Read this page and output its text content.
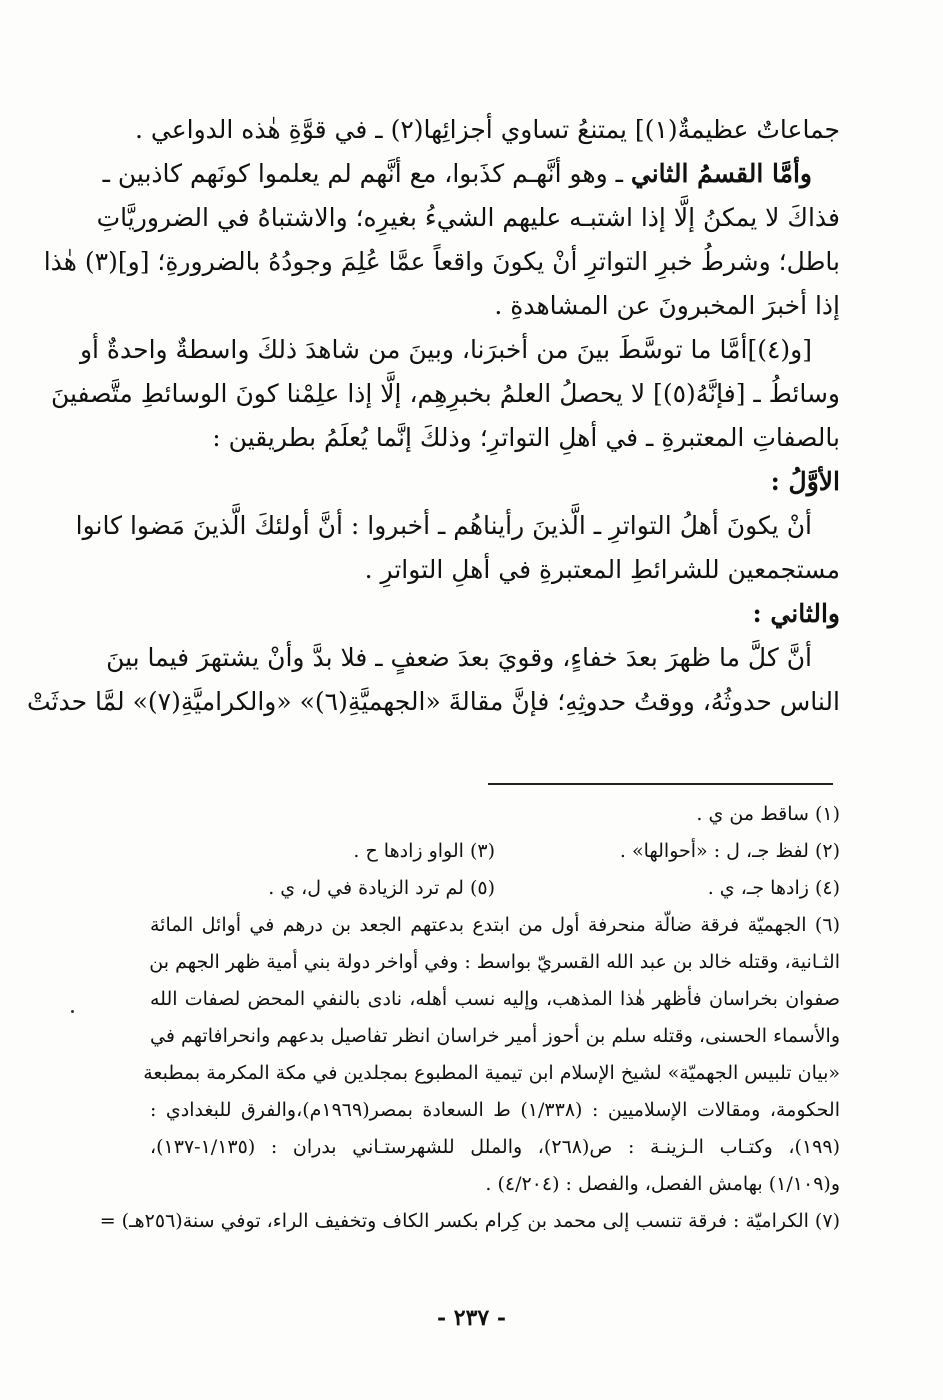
جماعاتٌ عظيمةٌ(١)] يمتنعُ تساوي أجزائِها(٢) ـ في قوَّةِ هٰذه الدواعي .
وأمَّا القسمُ الثاني ـ وهو أنَّهـم كذَبوا، مع أنَّهم لم يعلموا كونَهم كاذبين ـ
فذاكَ لا يمكنُ إلَّا إذا اشتبـه عليهم الشيءُ بغيرِه؛ والاشتباهُ في الضروريَّاتِ
باطل؛ وشرطُ خبرِ التواترِ أنْ يكونَ واقعاً عمَّا عُلِمَ وجودُهُ بالضرورةِ؛ [و](٣) هٰذا
إذا أخبرَ المخبرونَ عن المشاهدةِ .
[و(٤)]أمَّا ما توسَّطَ بينَ من أخبرَنا، وبينَ من شاهدَ ذلكَ واسطةٌ واحدةٌ أو
وسائطُ ـ [فإنَّهُ(٥)] لا يحصلُ العلمُ بخبرِهِم، إلَّا إذا علِمْنا كونَ الوسائطِ متَّصفينَ
بالصفاتِ المعتبرةِ ـ في أهلِ التواترِ؛ وذلكَ إنَّما يُعلَمُ بطريقين :
الأوَّلُ :
أنْ يكونَ أهلُ التواترِ ـ الَّذينَ رأيناهُم ـ أخبروا : أنَّ أولئكَ الَّذينَ مَضوا كانوا
مستجمعين للشرائطِ المعتبرةِ في أهلِ التواترِ .
والثاني :
أنَّ كلَّ ما ظهرَ بعدَ خفاءٍ، وقويَ بعدَ ضعفٍ ـ فلا بدَّ وأنْ يشتهرَ فيما بينَ
الناس حدوثُهُ، ووقتُ حدوثِهِ؛ فإنَّ مقالةَ «الجهميَّةِ(٦)» «والكراميَّةِ(٧)» لمَّا حدثَتْ
(١) ساقط من ي .
(٢) لفظ جـ، ل : «أحوالها» .
(٣) الواو زادها ح .
(٤) زادها جـ، ي .
(٥) لم ترد الزيادة في ل، ي .
(٦) الجهميّة فرقة ضالّة منحرفة أول من ابتدع بدعتهم الجعد بن درهم في أوائل المائة
الثـانية، وقتله خالد بن عبد الله القسريّ بواسط : وفي أواخر دولة بني أمية ظهر الجهم بن
صفوان بخراسان فأظهر هٰذا المذهب، وإليه نسب أهله، نادى بالنفي المحض لصفات الله
والأسماء الحسنى، وقتله سلم بن أحوز أمير خراسان انظر تفاصيل بدعهم وانحرافاتهم في
«بيان تلبيس الجهميّة» لشيخ الإسلام ابن تيمية المطبوع بمجلدين في مكة المكرمة بمطبعة
الحكومة، ومقالات الإسلاميين : (١/٣٣٨) ط السعادة بمصر(١٩٦٩م)،والفرق للبغدادي :
(١٩٩)، وكتـاب الـزينـة : ص(٢٦٨)، والملل للشهرستـاني بدران : (١/١٣٥-١٣٧)،
و(١/١٠٩) بهامش الفصل، والفصل : (٤/٢٠٤) .
(٧) الكراميّة : فرقة تنسب إلى محمد بن كِرام بكسر الكاف وتخفيف الراء، توفي سنة(٢٥٦هـ) =
- ٢٣٧ -
